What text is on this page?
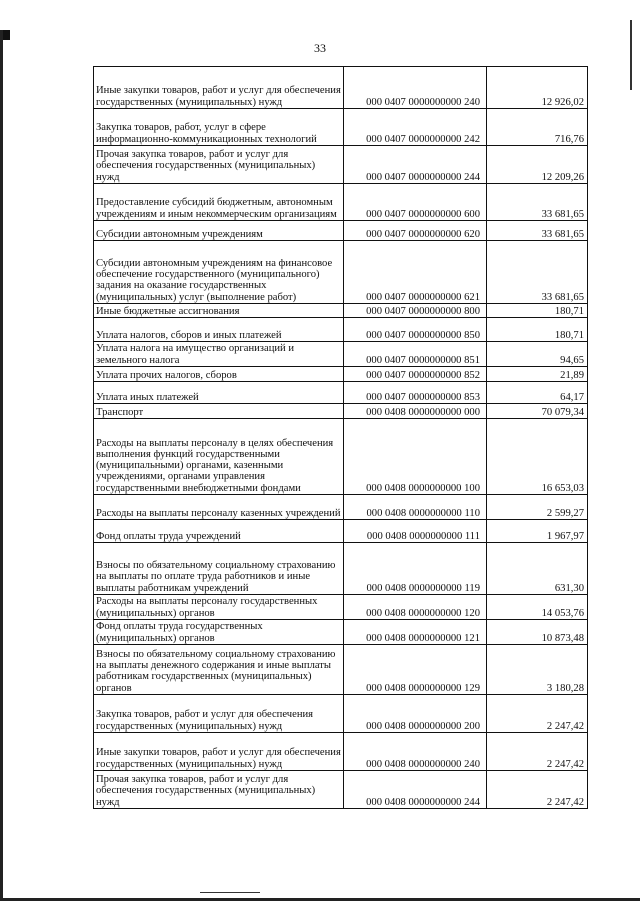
33
Иные закупки товаров, работ и услуг для обеспечения государственных (муниципальных) нужд	000 0407 0000000000 240	12 926,02
Закупка товаров, работ, услуг в сфере информационно-коммуникационных технологий	000 0407 0000000000 242	716,76
Прочая закупка товаров, работ и услуг для обеспечения государственных (муниципальных) нужд	000 0407 0000000000 244	12 209,26
Предоставление субсидий бюджетным, автономным учреждениям и иным некоммерческим организациям	000 0407 0000000000 600	33 681,65
Субсидии автономным учреждениям	000 0407 0000000000 620	33 681,65
Субсидии автономным учреждениям на финансовое обеспечение государственного (муниципального) задания на оказание государственных (муниципальных) услуг (выполнение работ)	000 0407 0000000000 621	33 681,65
Иные бюджетные ассигнования	000 0407 0000000000 800	180,71
Уплата налогов, сборов и иных платежей	000 0407 0000000000 850	180,71
Уплата налога на имущество организаций и земельного налога	000 0407 0000000000 851	94,65
Уплата прочих налогов, сборов	000 0407 0000000000 852	21,89
Уплата иных платежей	000 0407 0000000000 853	64,17
Транспорт	000 0408 0000000000 000	70 079,34
Расходы на выплаты персоналу в целях обеспечения выполнения функций государственными (муниципальными) органами, казенными учреждениями, органами управления государственными внебюджетными фондами	000 0408 0000000000 100	16 653,03
Расходы на выплаты персоналу казенных учреждений	000 0408 0000000000 110	2 599,27
Фонд оплаты труда учреждений	000 0408 0000000000 111	1 967,97
Взносы по обязательному социальному страхованию на выплаты по оплате труда работников и иные выплаты работникам учреждений	000 0408 0000000000 119	631,30
Расходы на выплаты персоналу государственных (муниципальных) органов	000 0408 0000000000 120	14 053,76
Фонд оплаты труда государственных (муниципальных) органов	000 0408 0000000000 121	10 873,48
Взносы по обязательному социальному страхованию на выплаты денежного содержания и иные выплаты работникам государственных (муниципальных) органов	000 0408 0000000000 129	3 180,28
Закупка товаров, работ и услуг для обеспечения государственных (муниципальных) нужд	000 0408 0000000000 200	2 247,42
Иные закупки товаров, работ и услуг для обеспечения государственных (муниципальных) нужд	000 0408 0000000000 240	2 247,42
Прочая закупка товаров, работ и услуг для обеспечения государственных (муниципальных) нужд	000 0408 0000000000 244	2 247,42
